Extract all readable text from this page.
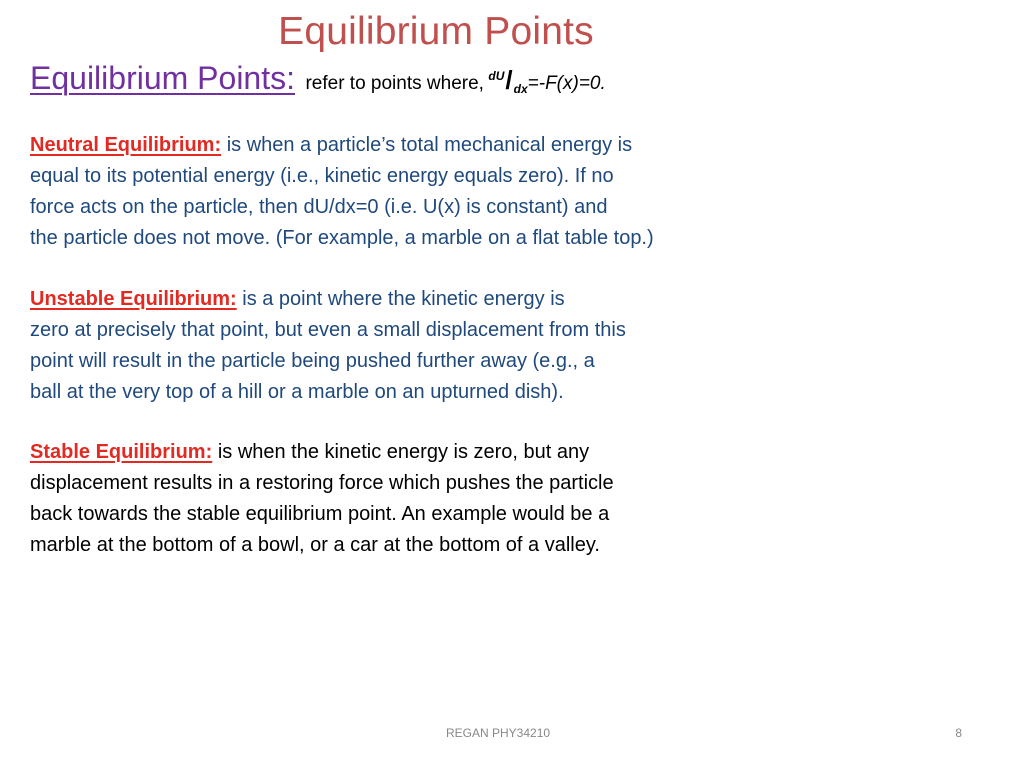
Equilibrium Points
Equilibrium Points: refer to points where, $^{dU}/_{dx}=-F(x)=0$.
Neutral Equilibrium: is when a particle’s total mechanical energy is
equal to its potential energy (i.e., kinetic energy equals zero). If no
force acts on the particle, then dU/dx=0 (i.e. U(x) is constant) and
the particle does not move. (For example, a marble on a flat table top.)
Unstable Equilibrium: is a point where the kinetic energy is
zero at precisely that point, but even a small displacement from this
point will result in the particle being pushed further away (e.g., a
ball at the very top of a hill or a marble on an upturned dish).
Stable Equilibrium: is when the kinetic energy is zero, but any
displacement results in a restoring force which pushes the particle
back towards the stable equilibrium point. An example would be a
marble at the bottom of a bowl, or a car at the bottom of a valley.
REGAN PHY34210	8
